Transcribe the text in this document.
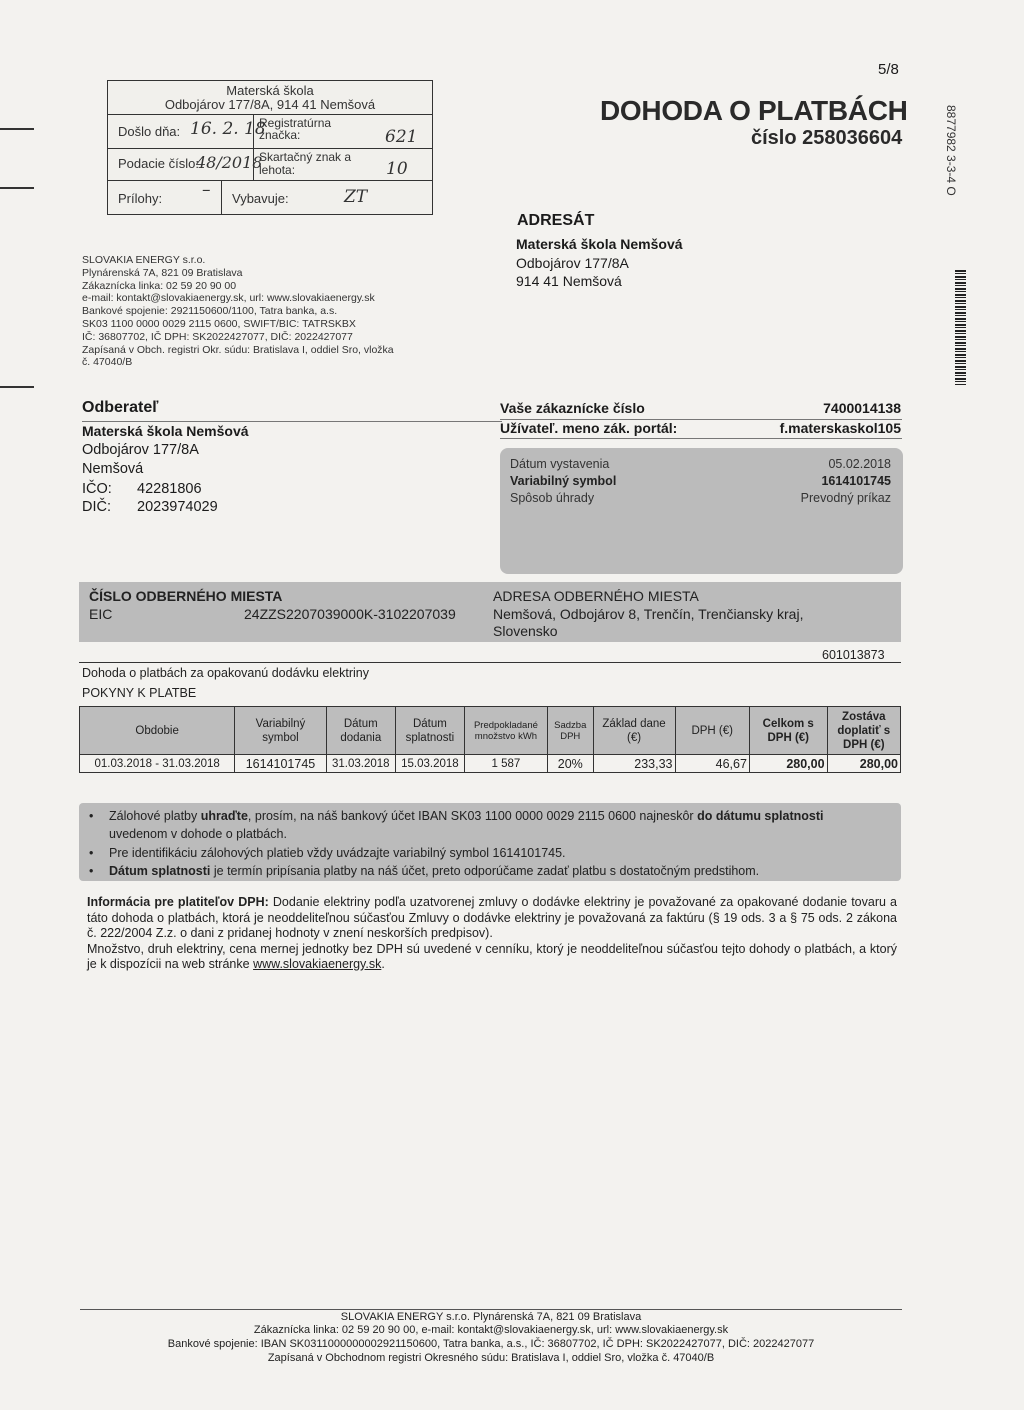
5/8
Materská škola
Odbojárov 177/8A, 914 41 Nemšová
Došlo dňa: 16. 2. 18
Registratúrna značka:	621
Podacie číslo:
48/2018
Skartačný znak a lehota:	10
Prílohy: – Vybavuje:	ZT
DOHODA O PLATBÁCH
číslo 258036604	8877982 3-3-4 O
ADRESÁT
Materská škola Nemšová
Odbojárov 177/8A
914 41 Nemšová
SLOVAKIA ENERGY s.r.o.
Plynárenská 7A, 821 09 Bratislava
Zákaznícka linka: 02 59 20 90 00
e-mail: kontakt@slovakiaenergy.sk, url: www.slovakiaenergy.sk
Bankové spojenie: 2921150600/1100, Tatra banka, a.s.
SK03 1100 0000 0029 2115 0600, SWIFT/BIC: TATRSKBX
IČ: 36807702, IČ DPH: SK2022427077, DIČ: 2022427077
Zapísaná v Obch. registri Okr. súdu: Bratislava I, oddiel Sro, vložka
č. 47040/B
Odberateľ
Materská škola Nemšová
Odbojárov 177/8A
Nemšová
IČO: 42281806
DIČ: 2023974029
Vaše zákaznícke číslo	7400014138
Užívateľ. meno zák. portál:	f.materskaskol105
Dátum vystavenia	05.02.2018
Variabilný symbol	1614101745
Spôsob úhrady	Prevodný príkaz
ČÍSLO ODBERNÉHO MIESTA
EIC	24ZZS2207039000K-3102207039
ADRESA ODBERNÉHO MIESTA
Nemšová, Odbojárov 8, Trenčín, Trenčiansky kraj,
Slovensko
601013873
Dohoda o platbách za opakovanú dodávku elektriny
POKYNY K PLATBE
Obdobie	Variabilný symbol	Dátum dodania	Dátum splatnosti	Predpokladané množstvo kWh	Sadzba DPH	Základ dane (€)	DPH (€)	Celkom s DPH (€)	Zostáva doplatiť s DPH (€)
01.03.2018 - 31.03.2018	1614101745	31.03.2018	15.03.2018	1 587	20%	233,33	46,67	280,00	280,00
• Zálohové platby uhraďte, prosím, na náš bankový účet IBAN SK03 1100 0000 0029 2115 0600 najneskôr do dátumu splatnosti
uvedenom v dohode o platbách.
• Pre identifikáciu zálohových platieb vždy uvádzajte variabilný symbol 1614101745.
• Dátum splatnosti je termín pripísania platby na náš účet, preto odporúčame zadať platbu s dostatočným predstihom.
Informácia pre platiteľov DPH: Dodanie elektriny podľa uzatvorenej zmluvy o dodávke elektriny je považované za opakované dodanie tovaru a táto dohoda o platbách, ktorá je neoddeliteľnou súčasťou Zmluvy o dodávke elektriny je považovaná za faktúru (§ 19 ods. 3 a § 75 ods. 2 zákona č. 222/2004 Z.z. o dani z pridanej hodnoty v znení neskorších predpisov).
Množstvo, druh elektriny, cena mernej jednotky bez DPH sú uvedené v cenníku, ktorý je neoddeliteľnou súčasťou tejto dohody o platbách, a ktorý je k dispozícii na web stránke www.slovakiaenergy.sk.
SLOVAKIA ENERGY s.r.o. Plynárenská 7A, 821 09 Bratislava
Zákaznícka linka: 02 59 20 90 00, e-mail: kontakt@slovakiaenergy.sk, url: www.slovakiaenergy.sk
Bankové spojenie: IBAN SK0311000000002921150600, Tatra banka, a.s., IČ: 36807702, IČ DPH: SK2022427077, DIČ: 2022427077
Zapísaná v Obchodnom registri Okresného súdu: Bratislava I, oddiel Sro, vložka č. 47040/B
